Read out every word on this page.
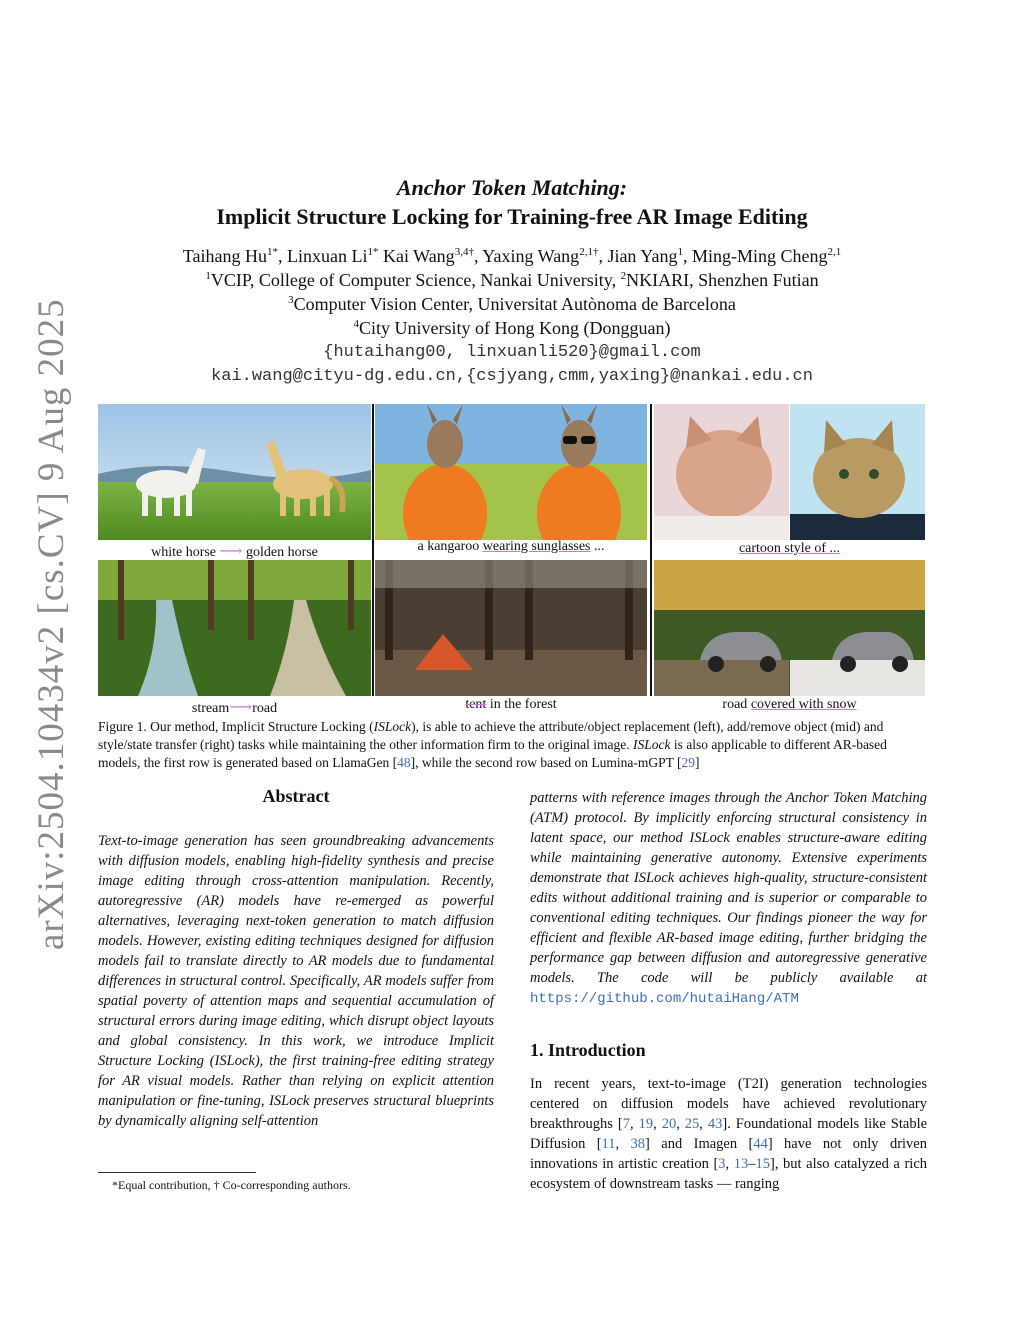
arXiv:2504.10434v2 [cs.CV] 9 Aug 2025
Anchor Token Matching:
Implicit Structure Locking for Training-free AR Image Editing
Taihang $Hu^{1*}$, Linxuan $Li^{1*}$ Kai Wang$^{3,4\dagger}$, Yaxing Wang$^{2,1\dagger}$, Jian Yang$^1$, Ming-Ming Cheng$^{2,1}$
$^1$VCIP, College of Computer Science, Nankai University, $^2$NKIARI, Shenzhen Futian
$^3$Computer Vision Center, Universitat Autònoma de Barcelona
$^4$City University of Hong Kong (Dongguan)
{hutaihang00, linxuanli520}@gmail.com
kai.wang@cityu-dg.edu.cn,{csjyang,cmm,yaxing}@nankai.edu.cn
white horse ⟶ golden horse	a kangaroo wearing sunglasses ...	cartoon style of ...
stream⟶road	tent in the forest	road covered with snow
Figure 1. Our method, Implicit Structure Locking (ISLock), is able to achieve the attribute/object replacement (left), add/remove object (mid) and style/state transfer (right) tasks while maintaining the other information firm to the original image. ISLock is also applicable to different AR-based models, the first row is generated based on LlamaGen [48], while the second row based on Lumina-mGPT [29]
Abstract
Text-to-image generation has seen groundbreaking advancements with diffusion models, enabling high-fidelity synthesis and precise image editing through cross-attention manipulation. Recently, autoregressive (AR) models have re-emerged as powerful alternatives, leveraging next-token generation to match diffusion models. However, existing editing techniques designed for diffusion models fail to translate directly to AR models due to fundamental differences in structural control. Specifically, AR models suffer from spatial poverty of attention maps and sequential accumulation of structural errors during image editing, which disrupt object layouts and global consistency. In this work, we introduce Implicit Structure Locking (ISLock), the first training-free editing strategy for AR visual models. Rather than relying on explicit attention manipulation or fine-tuning, ISLock preserves structural blueprints by dynamically aligning self-attention
patterns with reference images through the Anchor Token Matching (ATM) protocol. By implicitly enforcing structural consistency in latent space, our method ISLock enables structure-aware editing while maintaining generative autonomy. Extensive experiments demonstrate that ISLock achieves high-quality, structure-consistent edits without additional training and is superior or comparable to conventional editing techniques. Our findings pioneer the way for efficient and flexible AR-based image editing, further bridging the performance gap between diffusion and autoregressive generative models. The code will be publicly available at https://github.com/hutaiHang/ATM
1. Introduction
In recent years, text-to-image (T2I) generation technologies centered on diffusion models have achieved revolutionary breakthroughs [7, 19, 20, 25, 43]. Foundational models like Stable Diffusion [11, 38] and Imagen [44] have not only driven innovations in artistic creation [3, 13–15], but also catalyzed a rich ecosystem of downstream tasks — ranging
*Equal contribution, † Co-corresponding authors.
